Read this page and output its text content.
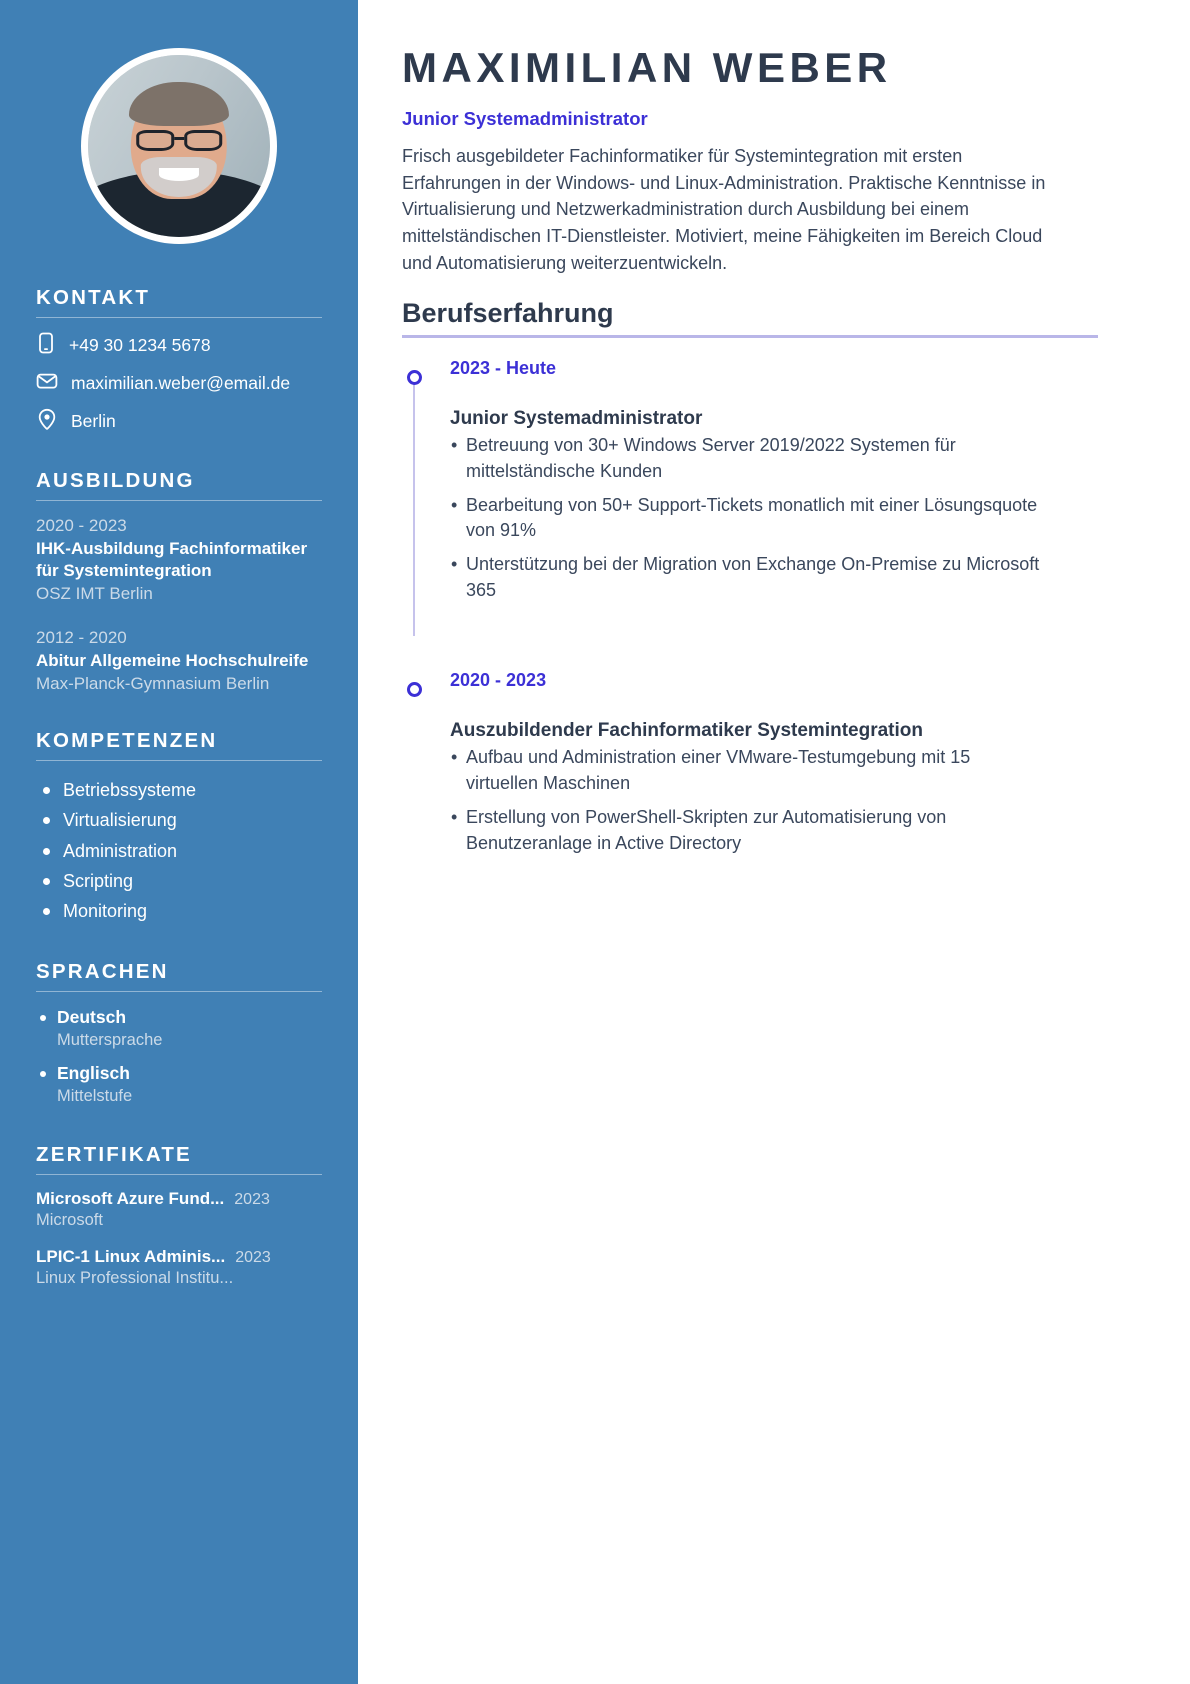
KONTAKT
+49 30 1234 5678
maximilian.weber@email.de
Berlin
AUSBILDUNG
2020 - 2023
IHK-Ausbildung Fachinformatiker für Systemintegration
OSZ IMT Berlin
2012 - 2020
Abitur Allgemeine Hochschulreife
Max-Planck-Gymnasium Berlin
KOMPETENZEN
Betriebssysteme
Virtualisierung
Administration
Scripting
Monitoring
SPRACHEN
Deutsch
Muttersprache
Englisch
Mittelstufe
ZERTIFIKATE
Microsoft Azure Fund... 2023
Microsoft
LPIC-1 Linux Adminis... 2023
Linux Professional Institu...
MAXIMILIAN WEBER
Junior Systemadministrator

Frisch ausgebildeter Fachinformatiker für Systemintegration mit ersten Erfahrungen in der Windows- und Linux-Administration. Praktische Kenntnisse in Virtualisierung und Netzwerkadministration durch Ausbildung bei einem mittelständischen IT-Dienstleister. Motiviert, meine Fähigkeiten im Bereich Cloud und Automatisierung weiterzuentwickeln.

Berufserfahrung
2023 - Heute
Junior Systemadministrator
• Betreuung von 30+ Windows Server 2019/2022 Systemen für mittelständische Kunden
• Bearbeitung von 50+ Support-Tickets monatlich mit einer Lösungsquote von 91%
• Unterstützung bei der Migration von Exchange On-Premise zu Microsoft 365
2020 - 2023
Auszubildender Fachinformatiker Systemintegration
• Aufbau und Administration einer VMware-Testumgebung mit 15 virtuellen Maschinen
• Erstellung von PowerShell-Skripten zur Automatisierung von Benutzeranlage in Active Directory
